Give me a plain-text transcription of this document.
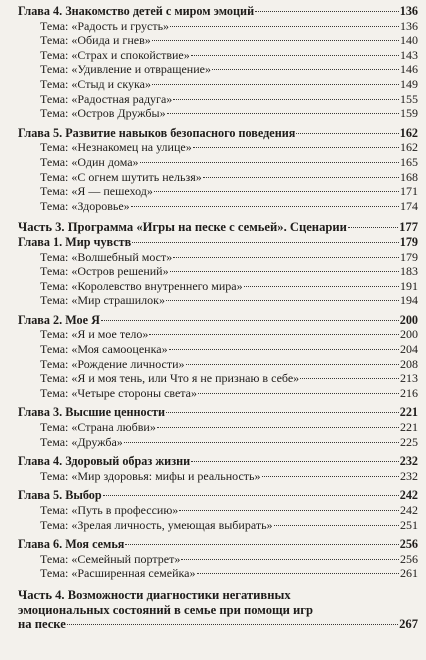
Глава 4. Знакомство детей с миром эмоций	136
Тема: «Радость и грусть»	136
Тема: «Обида и гнев»	140
Тема: «Страх и спокойствие»	143
Тема: «Удивление и отвращение»	146
Тема: «Стыд и скука»	149
Тема: «Радостная радуга»	155
Тема: «Остров Дружбы»	159
Глава 5. Развитие навыков безопасного поведения	162
Тема: «Незнакомец на улице»	162
Тема: «Один дома»	165
Тема: «С огнем шутить нельзя»	168
Тема: «Я — пешеход»	171
Тема: «Здоровье»	174
Часть 3. Программа «Игры на песке с семьей». Сценарии	177
Глава 1. Мир чувств	179
Тема: «Волшебный мост»	179
Тема: «Остров решений»	183
Тема: «Королевство внутреннего мира»	191
Тема: «Мир страшилок»	194
Глава 2. Мое Я	200
Тема: «Я и мое тело»	200
Тема: «Моя самооценка»	204
Тема: «Рождение личности»	208
Тема: «Я и моя тень, или Что я не признаю в себе»	213
Тема: «Четыре стороны света»	216
Глава 3. Высшие ценности	221
Тема: «Страна любви»	221
Тема: «Дружба»	225
Глава 4. Здоровый образ жизни	232
Тема: «Мир здоровья: мифы и реальность»	232
Глава 5. Выбор	242
Тема: «Путь в профессию»	242
Тема: «Зрелая личность, умеющая выбирать»	251
Глава 6. Моя семья	256
Тема: «Семейный портрет»	256
Тема: «Расширенная семейка»	261
Часть 4. Возможности диагностики негативных
эмоциональных состояний в семье при помощи игр
на песке	267
